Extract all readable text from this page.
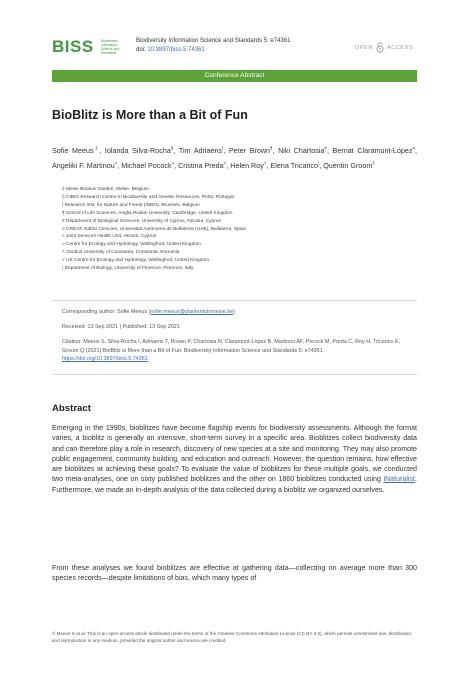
BISS Biodiversity
Information
Science and
Standards
Biodiversity Information Science and Standards 5: e74361
doi: 10.3897/biss.5.74361	OPEN	ACCESS
Conference Abstract
BioBlitz is More than a Bit of Fun
Sofie Meeus‡, Iolanda Silva-Rocha§, Tim Adriaens|, Peter Brown¶, Niki Chartosia#, Bernat Claramunt-López¤, Angeliki F. Martinou«, Michael Pocock», Cristina Preda˄, Helen Roy˅, Elena Tricarico¦, Quentin Groom‡
‡ Meise Botanic Garden, Meise, Belgium
§ CIBIO Research Centre in Biodiversity and Genetic Resources, Porto, Portugal
| Research Inst. for Nature and Forest (INBO), Brussels, Belgium
¶ School of Life Sciences, Anglia Ruskin University, Cambridge, United Kingdom
# Department of Biological Sciences, University of Cyprus, Nicosia, Cyprus
¤ CREAF, Edifici Ciencies, Universitat Autònoma de Bellaterra (UAB), Bellaterra, Spain
« Joint Services Health Unit, Akrotiri, Cyprus
» Centre for Ecology and Hydrology, Wallingford, United Kingdom
˄ Ovidius University of Constanta, Constanta, Romania
˅ UK Centre for Ecology and Hydrology, Wallingford, United Kingdom
¦ Department of Biology, University of Florence, Florence, Italy
Corresponding author: Sofie Meeus (sofie.meeus@plantentuinmeise.be)
Received: 13 Sep 2021 | Published: 13 Sep 2021
Citation: Meeus S, Silva-Rocha I, Adriaens T, Brown P, Chartosia N, Claramunt-López B, Martinou AF, Pocock M, Preda C, Roy H, Tricarico E, Groom Q (2021) BioBlitz is More than a Bit of Fun. Biodiversity Information Science and Standards 5: e74361. https://doi.org/10.3897/biss.5.74361
Abstract

Emerging in the 1990s, bioblitzes have become flagship events for biodiversity assessments. Although the format varies, a bioblitz is generally an intensive, short-term survey in a specific area. Bioblitzes collect biodiversity data and can therefore play a role in research, discovery of new species at a site and monitoring. They may also promote public engagement, community building, and education and outreach. However, the question remains, how effective are bioblitzes at achieving these goals? To evaluate the value of bioblitzes for these multiple goals, we conducted two meta-analyses, one on sixty published bioblitzes and the other on 1860 bioblitzes conducted using iNaturalist. Furthermore, we made an in-depth analysis of the data collected during a bioblitz we organized ourselves.

From these analyses we found bioblitzes are effective at gathering data—collecting on average more than 300 species records—despite limitations of bias, which many types of

© Meeus S et al. This is an open access article distributed under the terms of the Creative Commons Attribution License (CC BY 4.0), which permits unrestricted use, distribution, and reproduction in any medium, provided the original author and source are credited.
